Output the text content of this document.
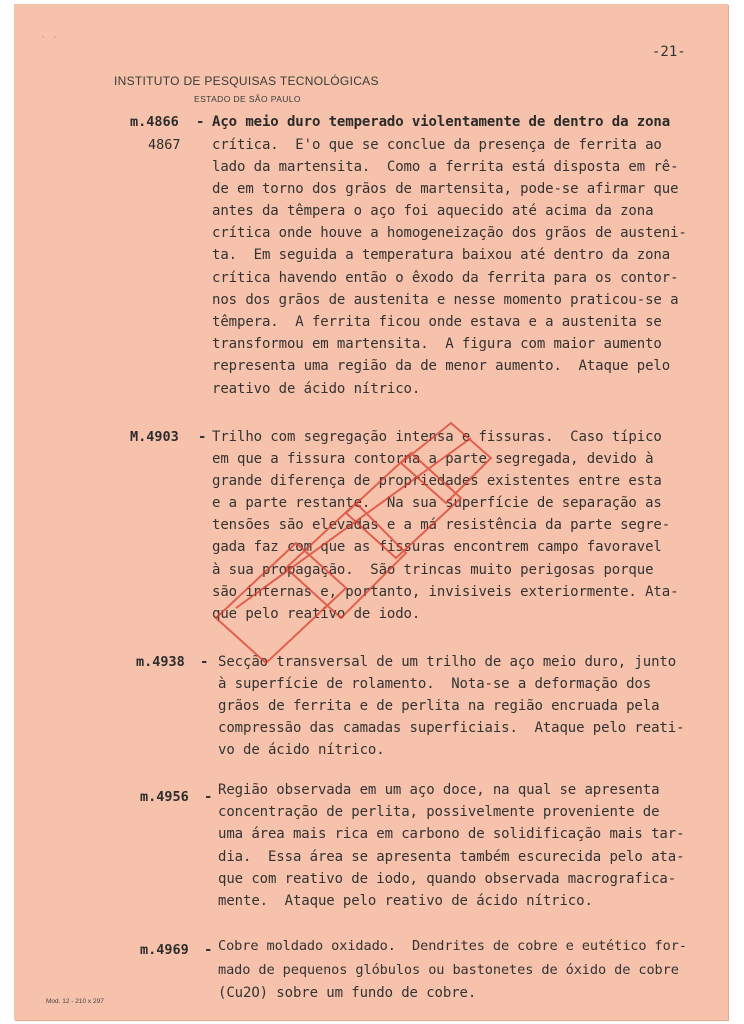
· ·
-21-
INSTITUTO DE PESQUISAS TECNOLÓGICAS
ESTADO DE SÃO PAULO
m.4866 -
4867
Aço meio duro temperado violentamente de dentro da zona
crítica.  E'o que se conclue da presença de ferrita ao
lado da martensita.  Como a ferrita está disposta em rê-
de em torno dos grãos de martensita, pode-se afirmar que
antes da têmpera o aço foi aquecido até acima da zona
crítica onde houve a homogeneização dos grãos de austeni-
ta.  Em seguida a temperatura baixou até dentro da zona
crítica havendo então o êxodo da ferrita para os contor-
nos dos grãos de austenita e nesse momento praticou-se a
têmpera.  A ferrita ficou onde estava e a austenita se
transformou em martensita.  A figura com maior aumento
representa uma região da de menor aumento.  Ataque pelo
reativo de ácido nítrico.
M.4903 - Trilho com segregação intensa e fissuras.  Caso típico
em que a fissura contorna a parte segregada, devido à
grande diferença de propriedades existentes entre esta
e a parte restante.  Na sua superfície de separação as
tensões são elevadas e a má resistência da parte segre-
gada faz com que as fissuras encontrem campo favoravel
à sua propagação.  São trincas muito perigosas porque
são internas e, portanto, invisiveis exteriormente. Ata-
que pelo reativo de iodo.
m.4938 - Secção transversal de um trilho de aço meio duro, junto
à superfície de rolamento.  Nota-se a deformação dos
grãos de ferrita e de perlita na região encruada pela
compressão das camadas superficiais.  Ataque pelo reati-
vo de ácido nítrico.
m.4956 - Região observada em um aço doce, na qual se apresenta
concentração de perlita, possivelmente proveniente de
uma área mais rica em carbono de solidificação mais tar-
dia.  Essa área se apresenta também escurecida pelo ata-
que com reativo de iodo, quando observada macrografica-
mente.  Ataque pelo reativo de ácido nítrico.
m.4969 - Cobre moldado oxidado.  Dendrites de cobre e eutético for-
mado de pequenos glóbulos ou bastonetes de óxido de cobre
(Cu2O) sobre um fundo de cobre.
Mod. 12 - 210 x 297
